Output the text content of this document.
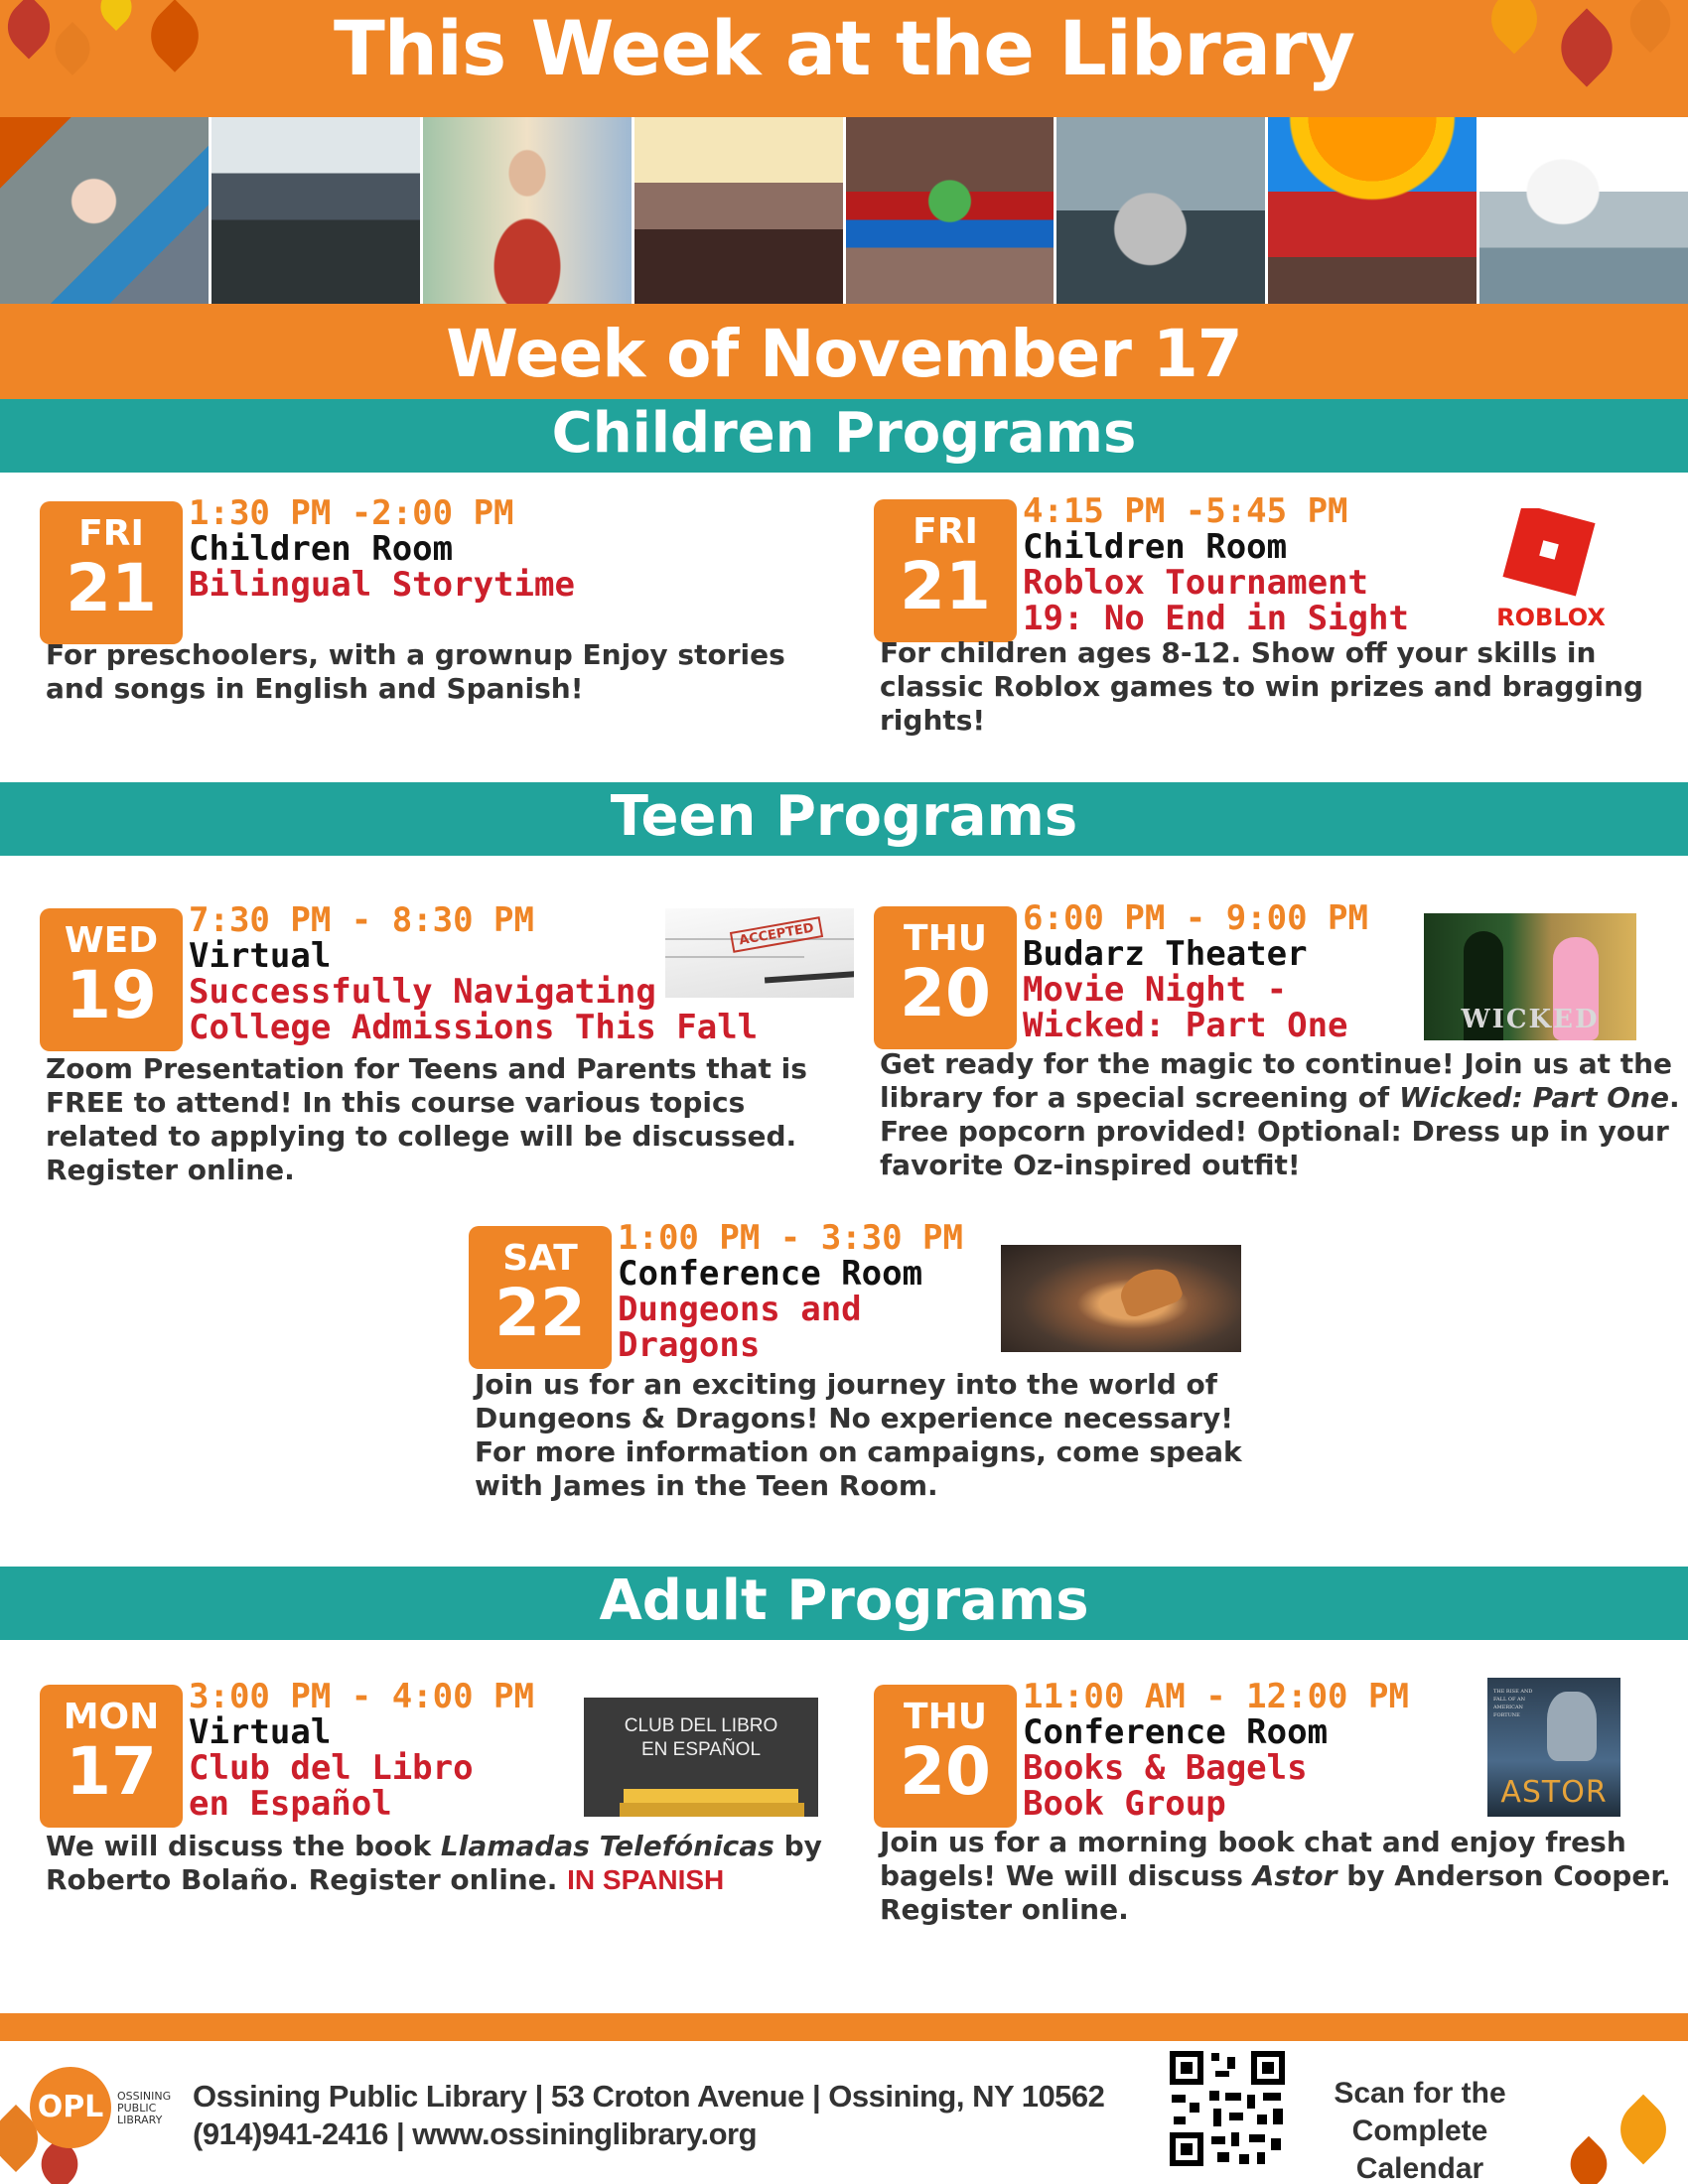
This Week at the Library
Week of November 17
Children Programs
FRI
21
1:30 PM -2:00 PM
Children Room
Bilingual Storytime
For preschoolers, with a grownup Enjoy stories and songs in English and Spanish!
FRI
21
4:15 PM -5:45 PM
Children Room
Roblox Tournament
19: No End in Sight
For children ages 8-12. Show off your skills in classic Roblox games to win prizes and bragging rights!
ROBLOX
Teen Programs
WED
19
7:30 PM - 8:30 PM
Virtual
Successfully Navigating
College Admissions This Fall
Zoom Presentation for Teens and Parents that is FREE to attend! In this course various topics related to applying to college will be discussed. Register online.
ACCEPTED	THU
20
6:00 PM - 9:00 PM
Budarz Theater
Movie Night -
Wicked: Part One
Get ready for the magic to continue! Join us at the library for a special screening of Wicked: Part One. Free popcorn provided! Optional: Dress up in your favorite Oz-inspired outfit!
WICKED
SAT
22
1:00 PM - 3:30 PM
Conference Room
Dungeons and
Dragons
Join us for an exciting journey into the world of Dungeons & Dragons! No experience necessary! For more information on campaigns, come speak with James in the Teen Room.
Adult Programs
MON
17
3:00 PM - 4:00 PM
Virtual
Club del Libro
en Español
We will discuss the book Llamadas Telefónicas by Roberto Bolaño. Register online. IN SPANISH
CLUB DEL LIBRO
EN ESPAÑOL
THU
20
11:00 AM - 12:00 PM
Conference Room
Books & Bagels
Book Group
Join us for a morning book chat and enjoy fresh bagels! We will discuss Astor by Anderson Cooper. Register online.
THE RISE AND FALL OF AN AMERICAN FORTUNE
ASTOR
OPL	OSSINING PUBLIC LIBRARY
Ossining Public Library | 53 Croton Avenue | Ossining, NY 10562
(914)941-2416 | www.ossininglibrary.org
Scan for the
Complete Calendar
